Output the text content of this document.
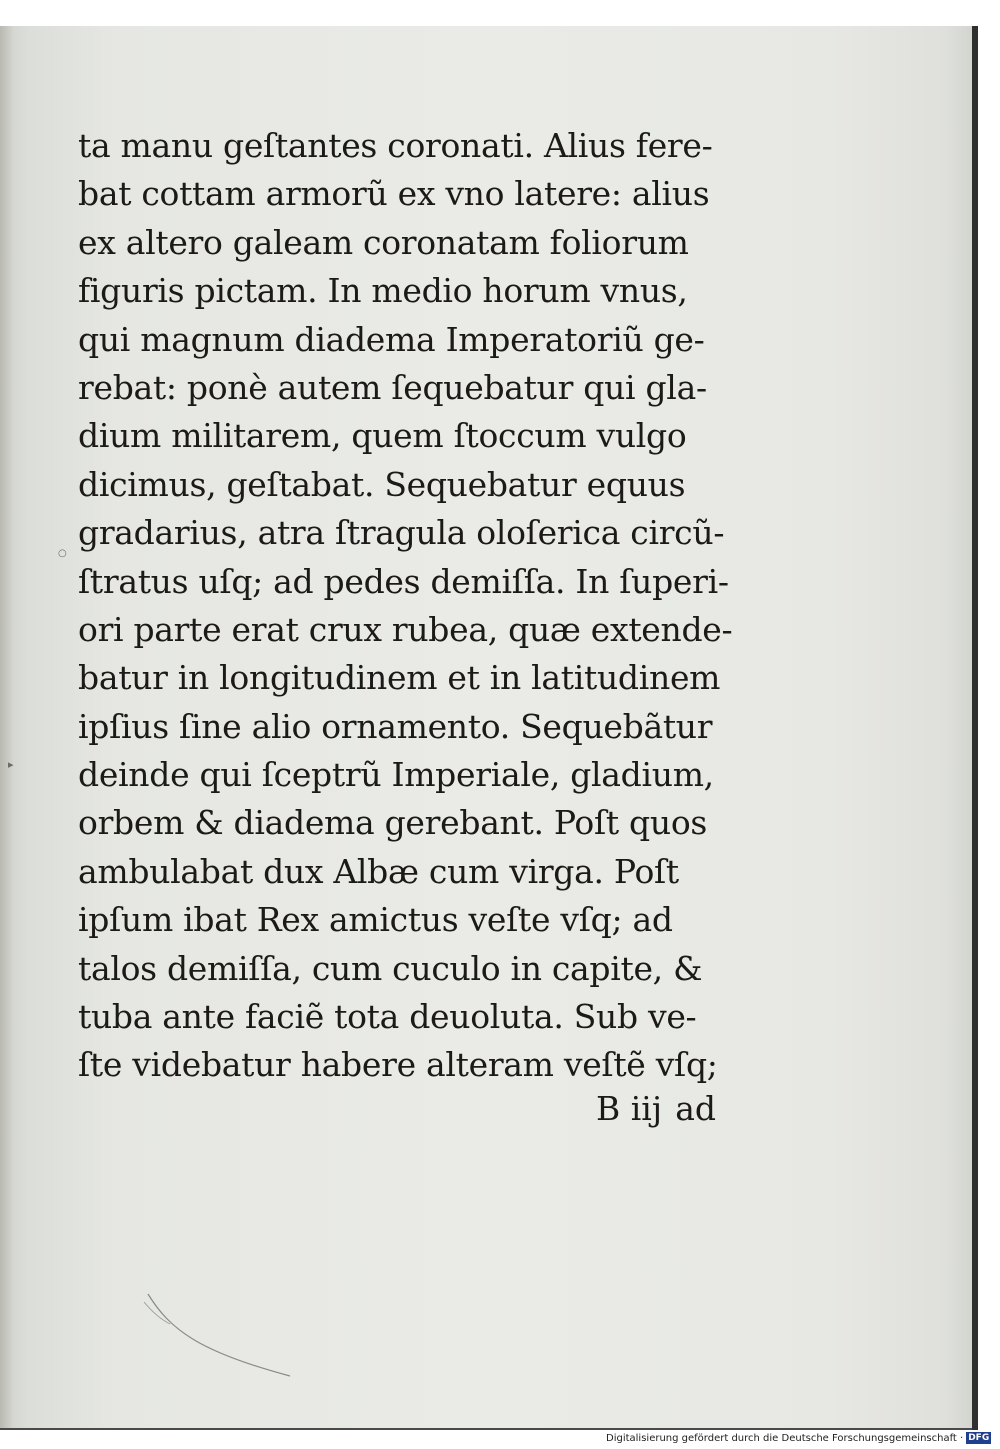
ta manu geſtantes coronati. Alius fere-
bat cottam armorũ ex vno latere: alius
ex altero galeam coronatam foliorum
figuris pictam. In medio horum vnus,
qui magnum diadema Imperatoriũ ge-
rebat: ponè autem ſequebatur qui gla-
dium militarem, quem ſtoccum vulgo
dicimus, geſtabat. Sequebatur equus
gradarius, atra ſtragula oloſerica circũ-
ſtratus uſq; ad pedes demiſſa. In ſuperi-
ori parte erat crux rubea, quæ extende-
batur in longitudinem et in latitudinem
ipſius ſine alio ornamento. Sequebãtur
deinde qui ſceptrũ Imperiale, gladium,
orbem & diadema gerebant. Poſt quos
ambulabat dux Albæ cum virga. Poſt
ipſum ibat Rex amictus veſte vſq; ad
talos demiſſa, cum cuculo in capite, &
tuba ante faciẽ tota deuoluta. Sub ve-
ſte videbatur habere alteram veſtẽ vſq;
B iij ad
○
▸
Digitalisierung gefördert durch die Deutsche Forschungsgemeinschaft · DFG
